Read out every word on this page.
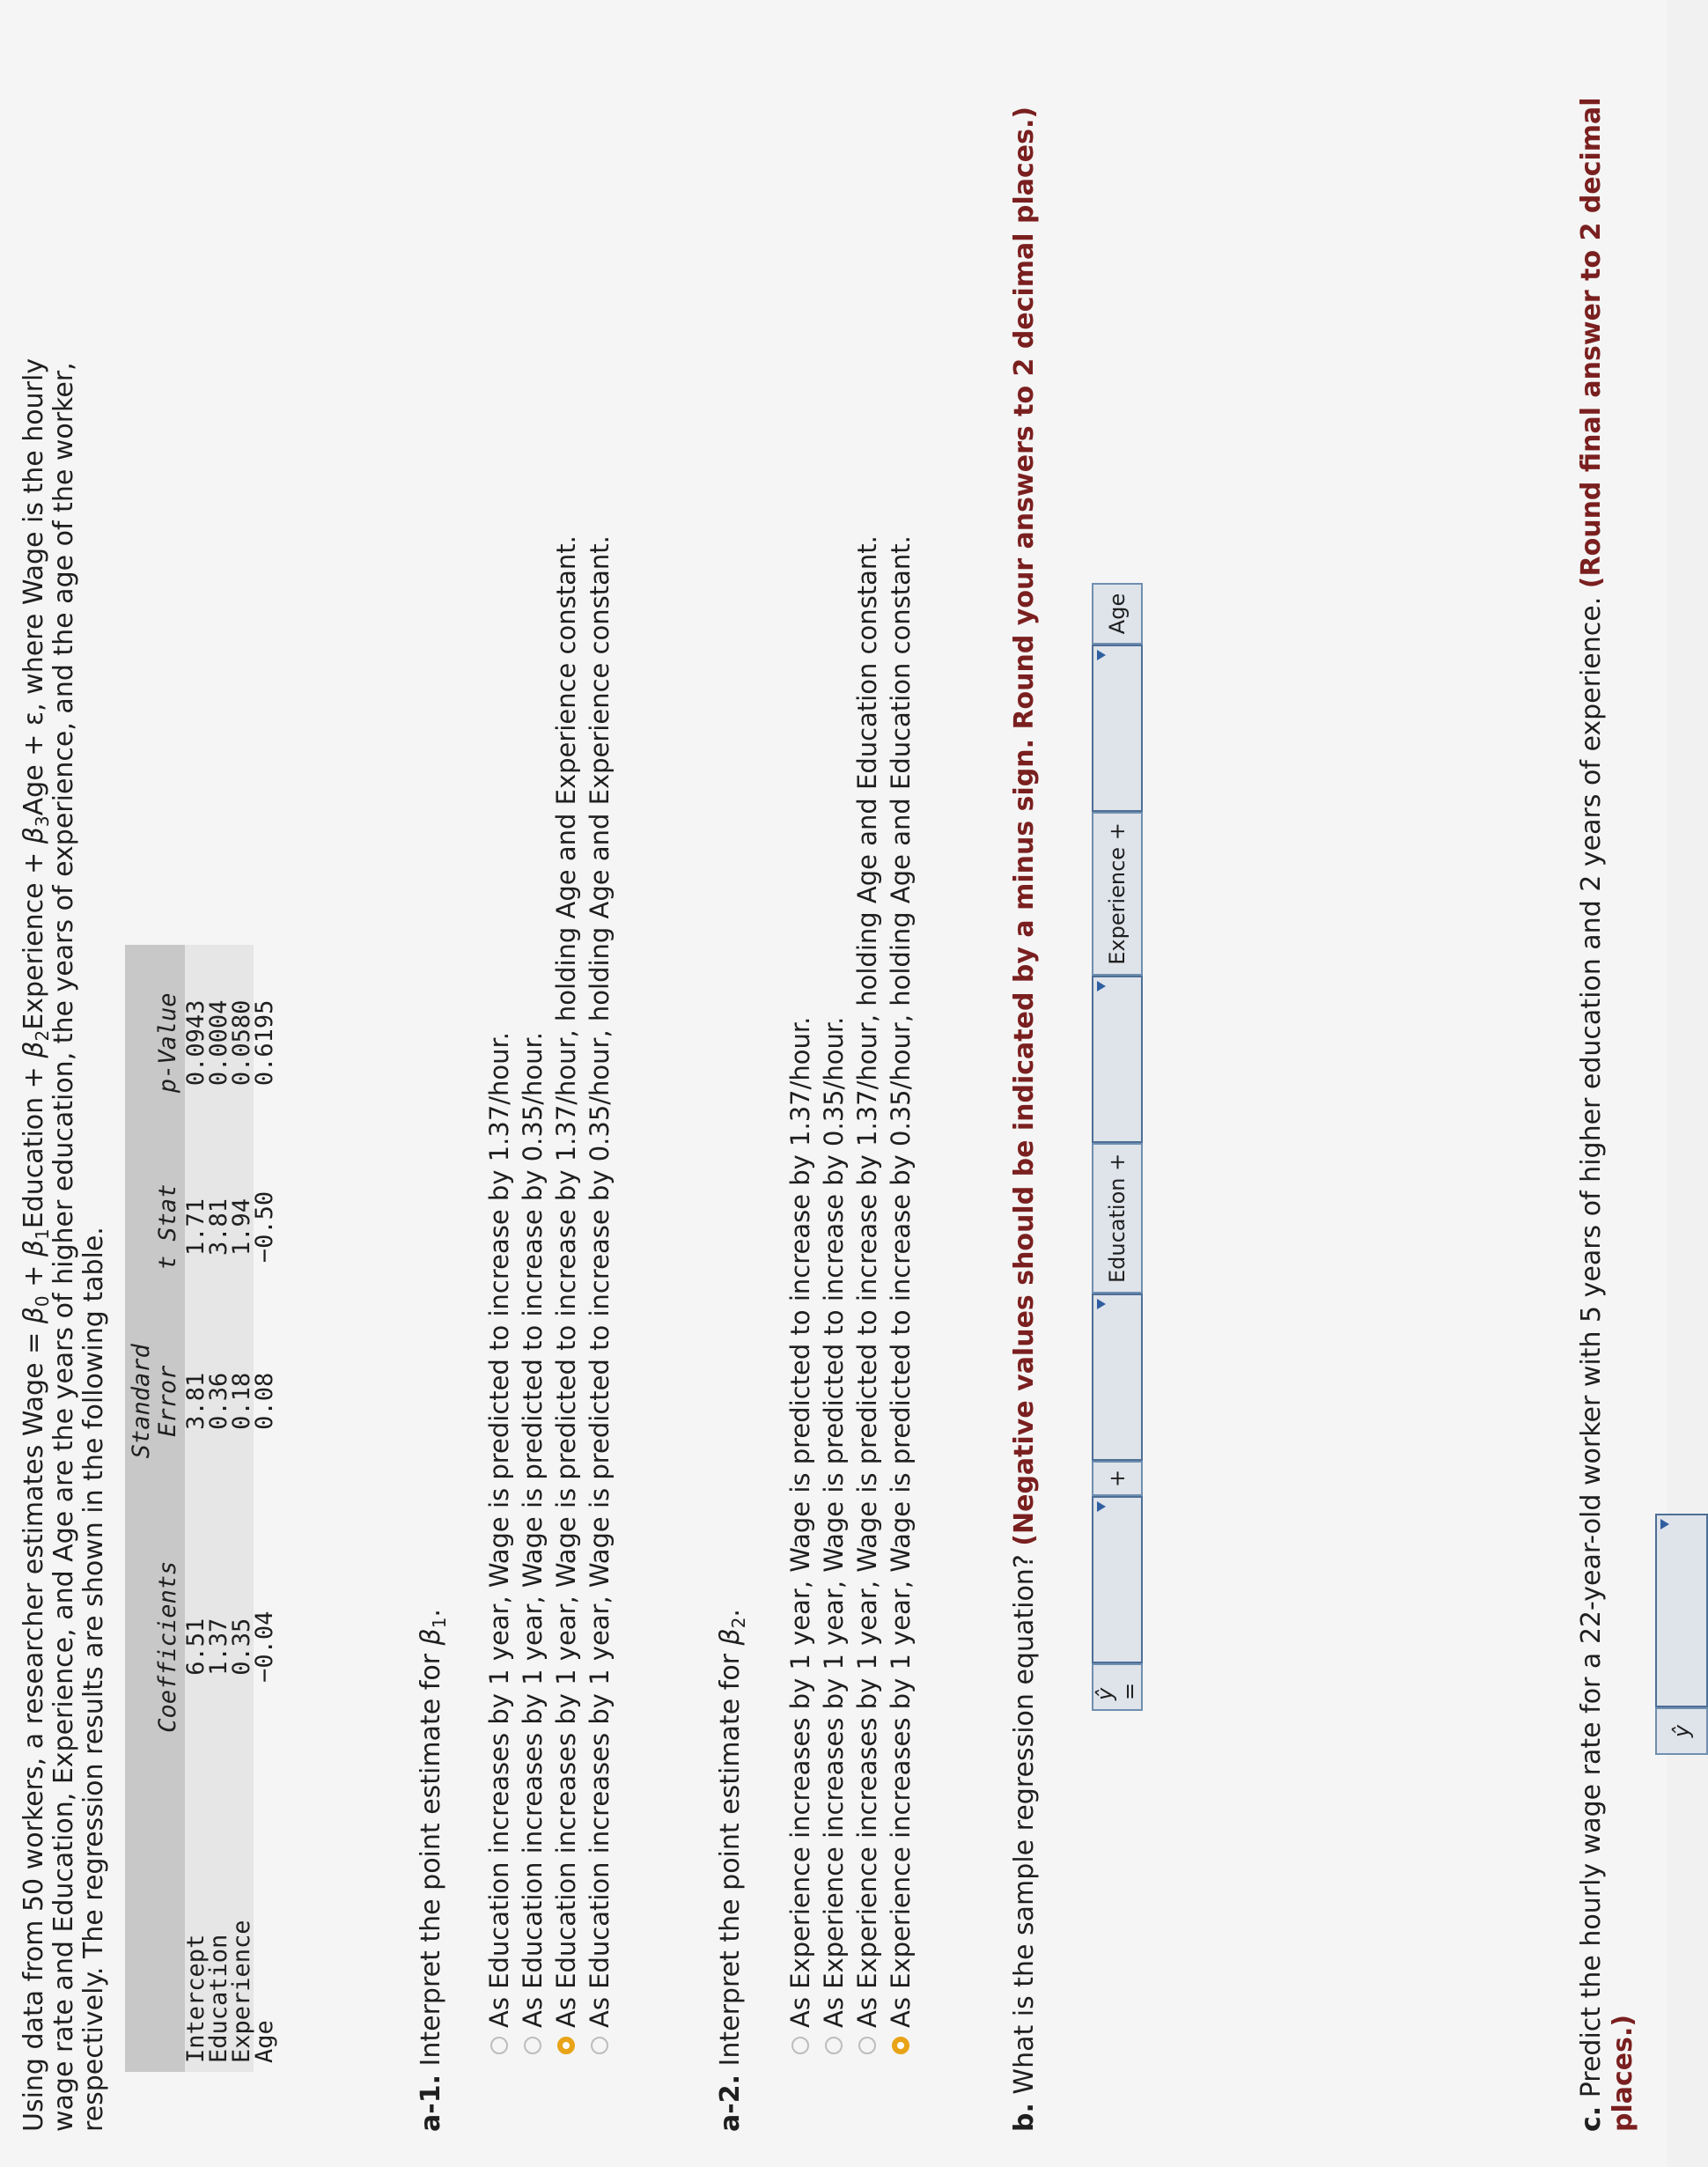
Using data from 50 workers, a researcher estimates Wage = $\beta_0$ + $\beta_1Education$ + $\beta_2Experience + \beta_3Age + \varepsilon$, where Wage is the hourly wage rate and Education, Experience, and Age are the years of higher education, the years of experience, and the age of the worker, respectively. The regression results are shown in the following table.

	Coefficients	Standard Error	t Stat	p-Value
Intercept	6.51	3.81	1.71	0.0943
Education	1.37	0.36	3.81	0.0004
Experience	0.35	0.18	1.94	0.0580
Age	−0.04	0.08	−0.50	0.6195
a-1. Interpret the point estimate for $\beta_1$. As Education increases by 1 year, Wage is predicted to increase by 1.37/hour. As Education increases by 1 year, Wage is predicted to increase by 0.35/hour. As Education increases by 1 year, Wage is predicted to increase by 1.37/hour, holding Age and Experience constant. As Education increases by 1 year, Wage is predicted to increase by 0.35/hour, holding Age and Experience constant.
a-2. Interpret the point estimate for $\beta_2$. As Experience increases by 1 year, Wage is predicted to increase by 1.37/hour. As Experience increases by 1 year, Wage is predicted to increase by 0.35/hour. As Experience increases by 1 year, Wage is predicted to increase by 1.37/hour, holding Age and Education constant. As Experience increases by 1 year, Wage is predicted to increase by 0.35/hour, holding Age and Education constant.
b. What is the sample regression equation? (Negative values should be indicated by a minus sign. Round your answers to 2 decimal places.)
ŷ =
+
Education +
Experience +
Age
c. Predict the hourly wage rate for a 22-year-old worker with 5 years of higher education and 2 years of experience. (Round final answer to 2 decimal places.)
ŷ
